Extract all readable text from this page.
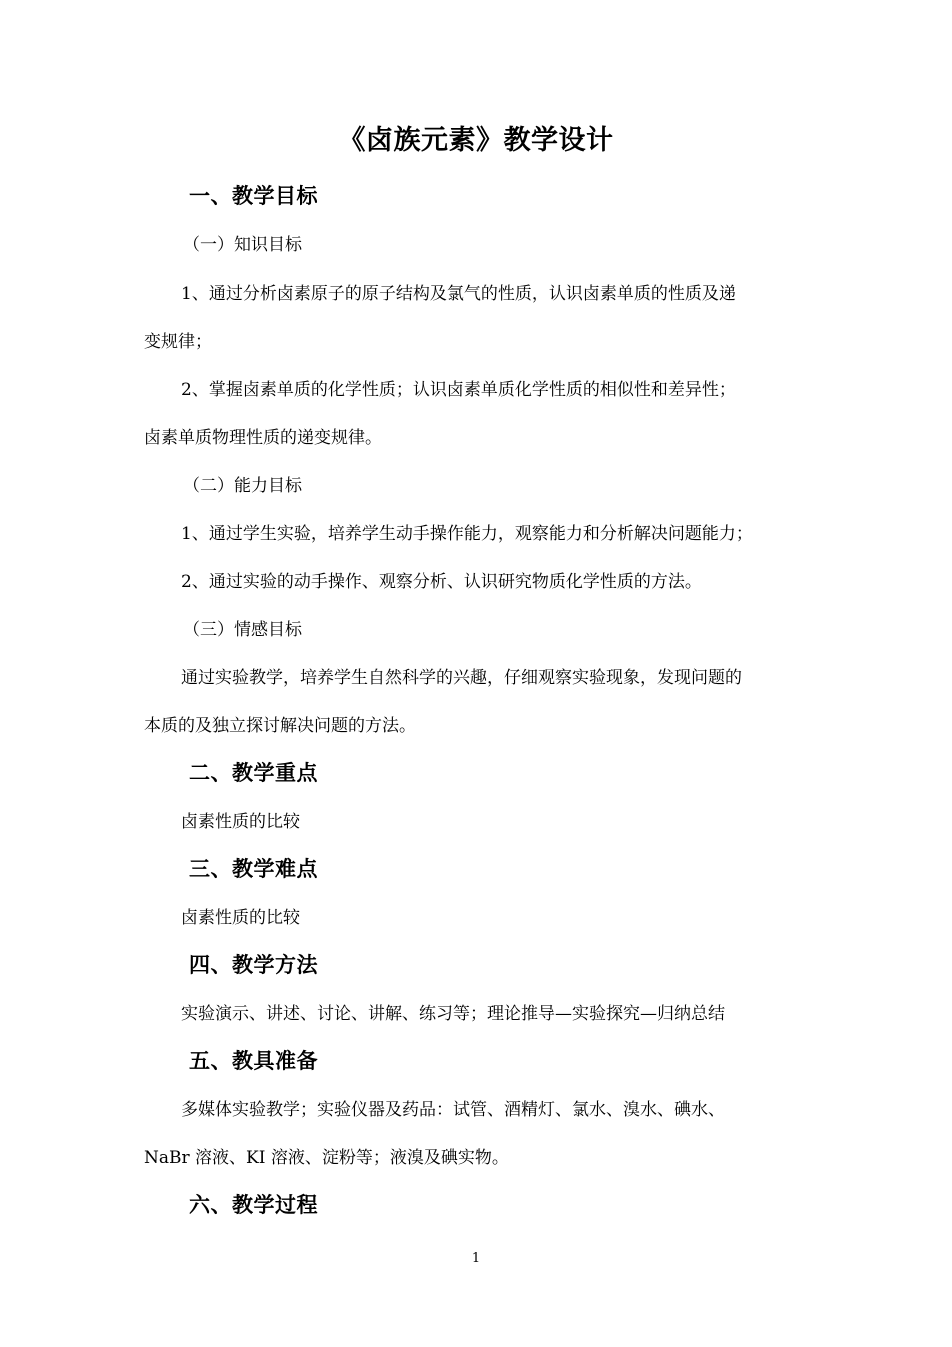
《卤族元素》教学设计
一、教学目标
（一）知识目标
1、通过分析卤素原子的原子结构及氯气的性质，认识卤素单质的性质及递
变规律；
2、掌握卤素单质的化学性质；认识卤素单质化学性质的相似性和差异性；
卤素单质物理性质的递变规律。
（二）能力目标
1、通过学生实验，培养学生动手操作能力，观察能力和分析解决问题能力；
2、通过实验的动手操作、观察分析、认识研究物质化学性质的方法。
（三）情感目标
通过实验教学，培养学生自然科学的兴趣，仔细观察实验现象，发现问题的
本质的及独立探讨解决问题的方法。
二、教学重点
卤素性质的比较
三、教学难点
卤素性质的比较
四、教学方法
实验演示、讲述、讨论、讲解、练习等；理论推导—实验探究—归纳总结
五、教具准备
多媒体实验教学；实验仪器及药品：试管、酒精灯、氯水、溴水、碘水、
NaBr 溶液、KI 溶液、淀粉等；液溴及碘实物。
六、教学过程
1
